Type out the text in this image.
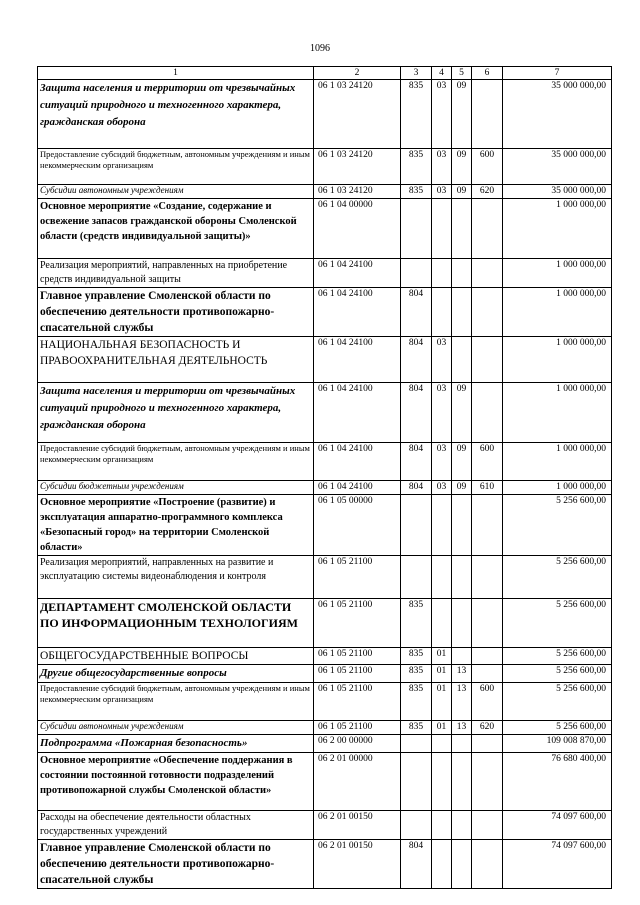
1096
1	2	3	4	5	6	7
Защита населения и территории от чрезвычайных ситуаций природного и техногенного характера, гражданская оборона	06 1 03 24120	835	03	09		35 000 000,00
Предоставление субсидий бюджетным, автономным учреждениям и иным некоммерческим организациям	06 1 03 24120	835	03	09	600	35 000 000,00
Субсидии автономным учреждениям	06 1 03 24120	835	03	09	620	35 000 000,00
Основное мероприятие «Создание, содержание и освежение запасов гражданской обороны Смоленской области (средств индивидуальной защиты)»	06 1 04 00000					1 000 000,00
Реализация мероприятий, направленных на приобретение средств индивидуальной защиты	06 1 04 24100					1 000 000,00
Главное управление Смоленской области по обеспечению деятельности противопожарно-спасательной службы	06 1 04 24100	804				1 000 000,00
НАЦИОНАЛЬНАЯ БЕЗОПАСНОСТЬ И ПРАВООХРАНИТЕЛЬНАЯ ДЕЯТЕЛЬНОСТЬ	06 1 04 24100	804	03			1 000 000,00
Защита населения и территории от чрезвычайных ситуаций природного и техногенного характера, гражданская оборона	06 1 04 24100	804	03	09		1 000 000,00
Предоставление субсидий бюджетным, автономным учреждениям и иным некоммерческим организациям	06 1 04 24100	804	03	09	600	1 000 000,00
Субсидии бюджетным учреждениям	06 1 04 24100	804	03	09	610	1 000 000,00
Основное мероприятие «Построение (развитие) и эксплуатация аппаратно-программного комплекса «Безопасный город» на территории Смоленской области»	06 1 05 00000					5 256 600,00
Реализация мероприятий, направленных на развитие и эксплуатацию системы видеонаблюдения и контроля	06 1 05 21100					5 256 600,00
ДЕПАРТАМЕНТ СМОЛЕНСКОЙ ОБЛАСТИ ПО ИНФОРМАЦИОННЫМ ТЕХНОЛОГИЯМ	06 1 05 21100	835				5 256 600,00
ОБЩЕГОСУДАРСТВЕННЫЕ ВОПРОСЫ	06 1 05 21100	835	01			5 256 600,00
Другие общегосударственные вопросы	06 1 05 21100	835	01	13		5 256 600,00
Предоставление субсидий бюджетным, автономным учреждениям и иным некоммерческим организациям	06 1 05 21100	835	01	13	600	5 256 600,00
Субсидии автономным учреждениям	06 1 05 21100	835	01	13	620	5 256 600,00
Подпрограмма «Пожарная безопасность»	06 2 00 00000					109 008 870,00
Основное мероприятие «Обеспечение поддержания в состоянии постоянной готовности подразделений противопожарной службы Смоленской области»	06 2 01 00000					76 680 400,00
Расходы на обеспечение деятельности областных государственных учреждений	06 2 01 00150					74 097 600,00
Главное управление Смоленской области по обеспечению деятельности противопожарно-спасательной службы	06 2 01 00150	804				74 097 600,00
